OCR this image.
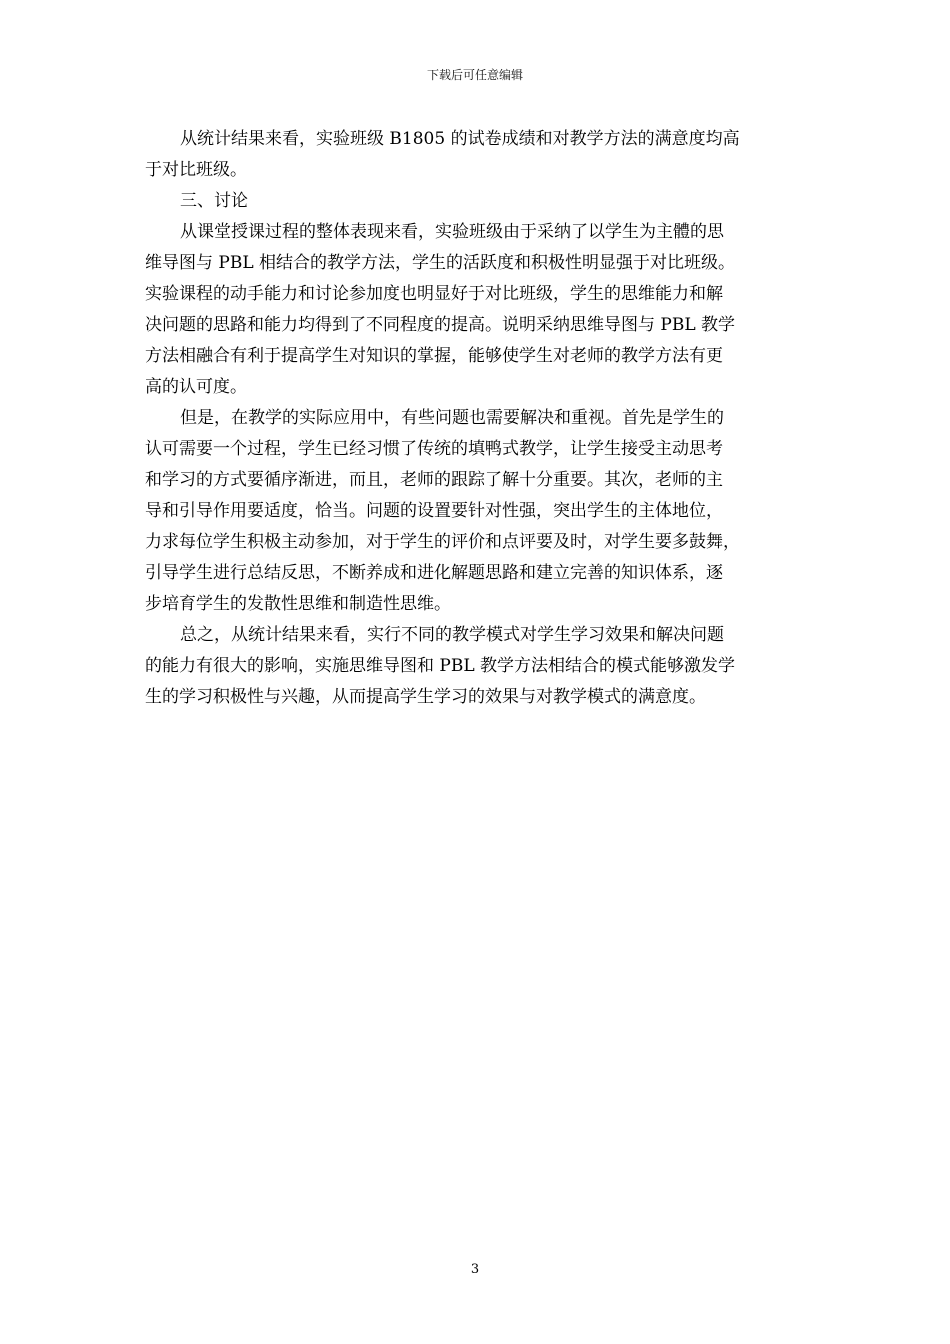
下载后可任意编辑
从统计结果来看，实验班级 B1805 的试卷成绩和对教学方法的满意度均高
于对比班级。
三、讨论
从课堂授课过程的整体表现来看，实验班级由于采纳了以学生为主體的思
维导图与 PBL 相结合的教学方法，学生的活跃度和积极性明显强于对比班级。
实验课程的动手能力和讨论参加度也明显好于对比班级，学生的思维能力和解
决问题的思路和能力均得到了不同程度的提高。说明采纳思维导图与 PBL 教学
方法相融合有利于提高学生对知识的掌握，能够使学生对老师的教学方法有更
高的认可度。
但是，在教学的实际应用中，有些问题也需要解决和重视。首先是学生的
认可需要一个过程，学生已经习惯了传统的填鸭式教学，让学生接受主动思考
和学习的方式要循序渐进，而且，老师的跟踪了解十分重要。其次，老师的主
导和引导作用要适度，恰当。问题的设置要针对性强，突出学生的主体地位，
力求每位学生积极主动参加，对于学生的评价和点评要及时，对学生要多鼓舞，
引导学生进行总结反思，不断养成和进化解题思路和建立完善的知识体系，逐
步培育学生的发散性思维和制造性思维。
总之，从统计结果来看，实行不同的教学模式对学生学习效果和解决问题
的能力有很大的影响，实施思维导图和 PBL 教学方法相结合的模式能够激发学
生的学习积极性与兴趣，从而提高学生学习的效果与对教学模式的满意度。
3
